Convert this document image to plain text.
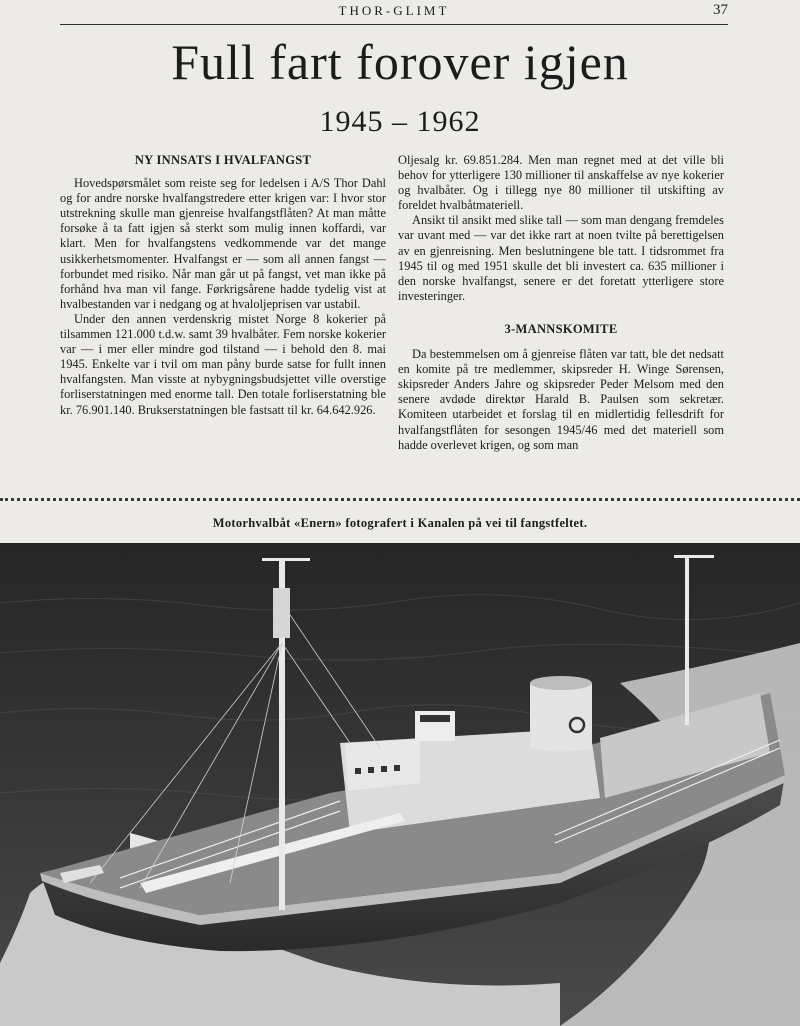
THOR-GLIMT	37
Full fart forover igjen
1945 – 1962
NY INNSATS I HVALFANGST

Hovedspørsmålet som reiste seg for ledelsen i A/S Thor Dahl og for andre norske hvalfangstredere etter krigen var: I hvor stor utstrekning skulle man gjenreise hvalfangstflåten? At man måtte forsøke å ta fatt igjen så sterkt som mulig innen koffardi, var klart. Men for hvalfangstens vedkommende var det mange usikkerhetsmomenter. Hvalfangst er — som all annen fangst — forbundet med risiko. Når man går ut på fangst, vet man ikke på forhånd hva man vil fange. Førkrigsårene hadde tydelig vist at hvalbestanden var i nedgang og at hvaloljeprisen var ustabil.

Under den annen verdenskrig mistet Norge 8 kokerier på tilsammen 121.000 t.d.w. samt 39 hvalbåter. Fem norske kokerier var — i mer eller mindre god tilstand — i behold den 8. mai 1945. Enkelte var i tvil om man påny burde satse for fullt innen hvalfangsten. Man visste at nybygningsbudsjettet ville overstige forliserstatningen med enorme tall. Den totale forliserstatning ble kr. 76.901.140. Brukserstatningen ble fastsatt til kr. 64.642.926.

Oljesalg kr. 69.851.284. Men man regnet med at det ville bli behov for ytterligere 130 millioner til anskaffelse av nye kokerier og hvalbåter. Og i tillegg nye 80 millioner til utskifting av foreldet hvalbåtmateriell.

Ansikt til ansikt med slike tall — som man dengang fremdeles var uvant med — var det ikke rart at noen tvilte på berettigelsen av en gjenreisning. Men beslutningene ble tatt. I tidsrommet fra 1945 til og med 1951 skulle det bli investert ca. 635 millioner i den norske hvalfangst, senere er det foretatt ytterligere store investeringer.

3-MANNSKOMITE

Da bestemmelsen om å gjenreise flåten var tatt, ble det nedsatt en komite på tre medlemmer, skipsreder H. Winge Sørensen, skipsreder Anders Jahre og skipsreder Peder Melsom med den senere avdøde direktør Harald B. Paulsen som sekretær. Komiteen utarbeidet et forslag til en midlertidig fellesdrift for hvalfangstflåten for sesongen 1945/46 med det materiell som hadde overlevet krigen, og som man

Motorhvalbåt «Enern» fotografert i Kanalen på vei til fangstfeltet.
